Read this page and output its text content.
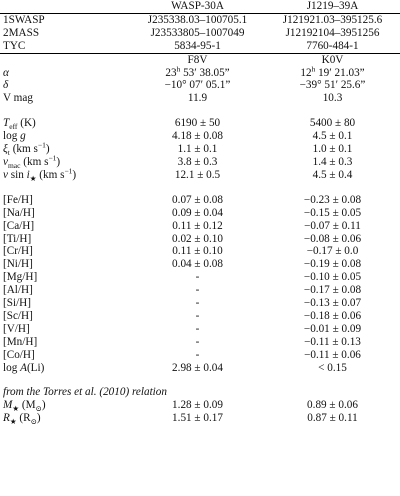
	WASP-30A	J1219–39A
1SWASP	J235338.03–100705.1	J121921.03–395125.6
2MASS	J23533805–1007049	J12192104–3951256
TYC	5834-95-1	7760-484-1
	F8V	K0V
α	23$^h$ 53′ 38.05”	12$^h$ 19′ 21.03”
δ	−10° 07′ 05.1”	−39° 51′ 25.6”
V mag	11.9	10.3

$T_{eff}$ (K)	6190 ± 50	5400 ± 80
log g	4.18 ± 0.08	4.5 ± 0.1
$\xi_t$ (km $s^{-1}$)	1.1 ± 0.1	1.0 ± 0.1
$v_{mac}$ (km $s^{-1}$)	3.8 ± 0.3	1.4 ± 0.3
v $\sin i_★$ (km $s^{-1}$)	12.1 ± 0.5	4.5 ± 0.4

[Fe/H]	0.07 ± 0.08	−0.23 ± 0.08
[Na/H]	0.09 ± 0.04	−0.15 ± 0.05
[Ca/H]	0.11 ± 0.12	−0.07 ± 0.11
[Ti/H]	0.02 ± 0.10	−0.08 ± 0.06
[Cr/H]	0.11 ± 0.10	−0.17 ± 0.0
[Ni/H]	0.04 ± 0.08	−0.19 ± 0.08
[Mg/H]	-	−0.10 ± 0.05
[Al/H]	-	−0.17 ± 0.08
[Si/H]	-	−0.13 ± 0.07
[Sc/H]	-	−0.18 ± 0.06
[V/H]	-	−0.01 ± 0.09
[Mn/H]	-	−0.11 ± 0.13
[Co/H]	-	−0.11 ± 0.06
log A(Li)	2.98 ± 0.04	< 0.15

from the Torres et al. (2010) relation		
$M_★$ $(M_⊙)$	1.28 ± 0.09	0.89 ± 0.06
$R_★$ $(R_⊙)$	1.51 ± 0.17	0.87 ± 0.11
